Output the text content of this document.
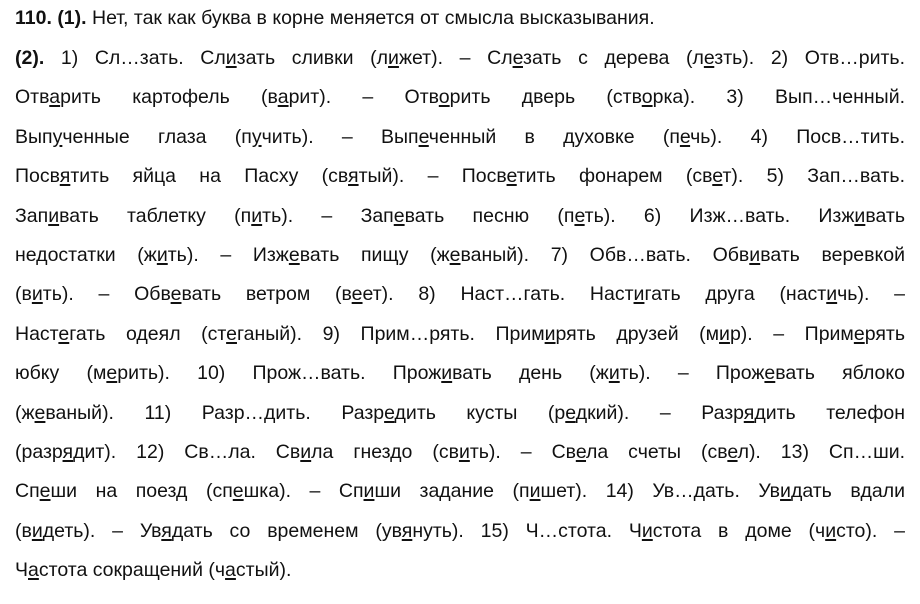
110. (1). Нет, так как буква в корне меняется от смысла высказывания.
(2). 1) Сл…зать. Слизать сливки (лижет). – Слезать с дерева (лезть). 2) Отв…рить.
Отварить картофель (варит). – Отворить дверь (створка). 3) Вып…ченный.
Выпученные глаза (пучить). – Выпеченный в духовке (печь). 4) Посв…тить.
Посвятить яйца на Пасху (святый). – Посветить фонарем (свет). 5) Зап…вать.
Запивать таблетку (пить). – Запевать песню (петь). 6) Изж…вать. Изживать
недостатки (жить). – Изжевать пищу (жеваный). 7) Обв…вать. Обвивать веревкой
(вить). – Обвевать ветром (веет). 8) Наст…гать. Настигать друга (настичь). –
Настегать одеял (стеганый). 9) Прим…рять. Примирять друзей (мир). – Примерять
юбку (мерить). 10) Прож…вать. Проживать день (жить). – Прожевать яблоко
(жеваный). 11) Разр…дить. Разредить кусты (редкий). – Разрядить телефон
(разрядит). 12) Св…ла. Свила гнездо (свить). – Свела счеты (свел). 13) Сп…ши.
Спеши на поезд (спешка). – Спиши задание (пишет). 14) Ув…дать. Увидать вдали
(видеть). – Увядать со временем (увянуть). 15) Ч…стота. Чистота в доме (чисто). –
Частота сокращений (частый).
